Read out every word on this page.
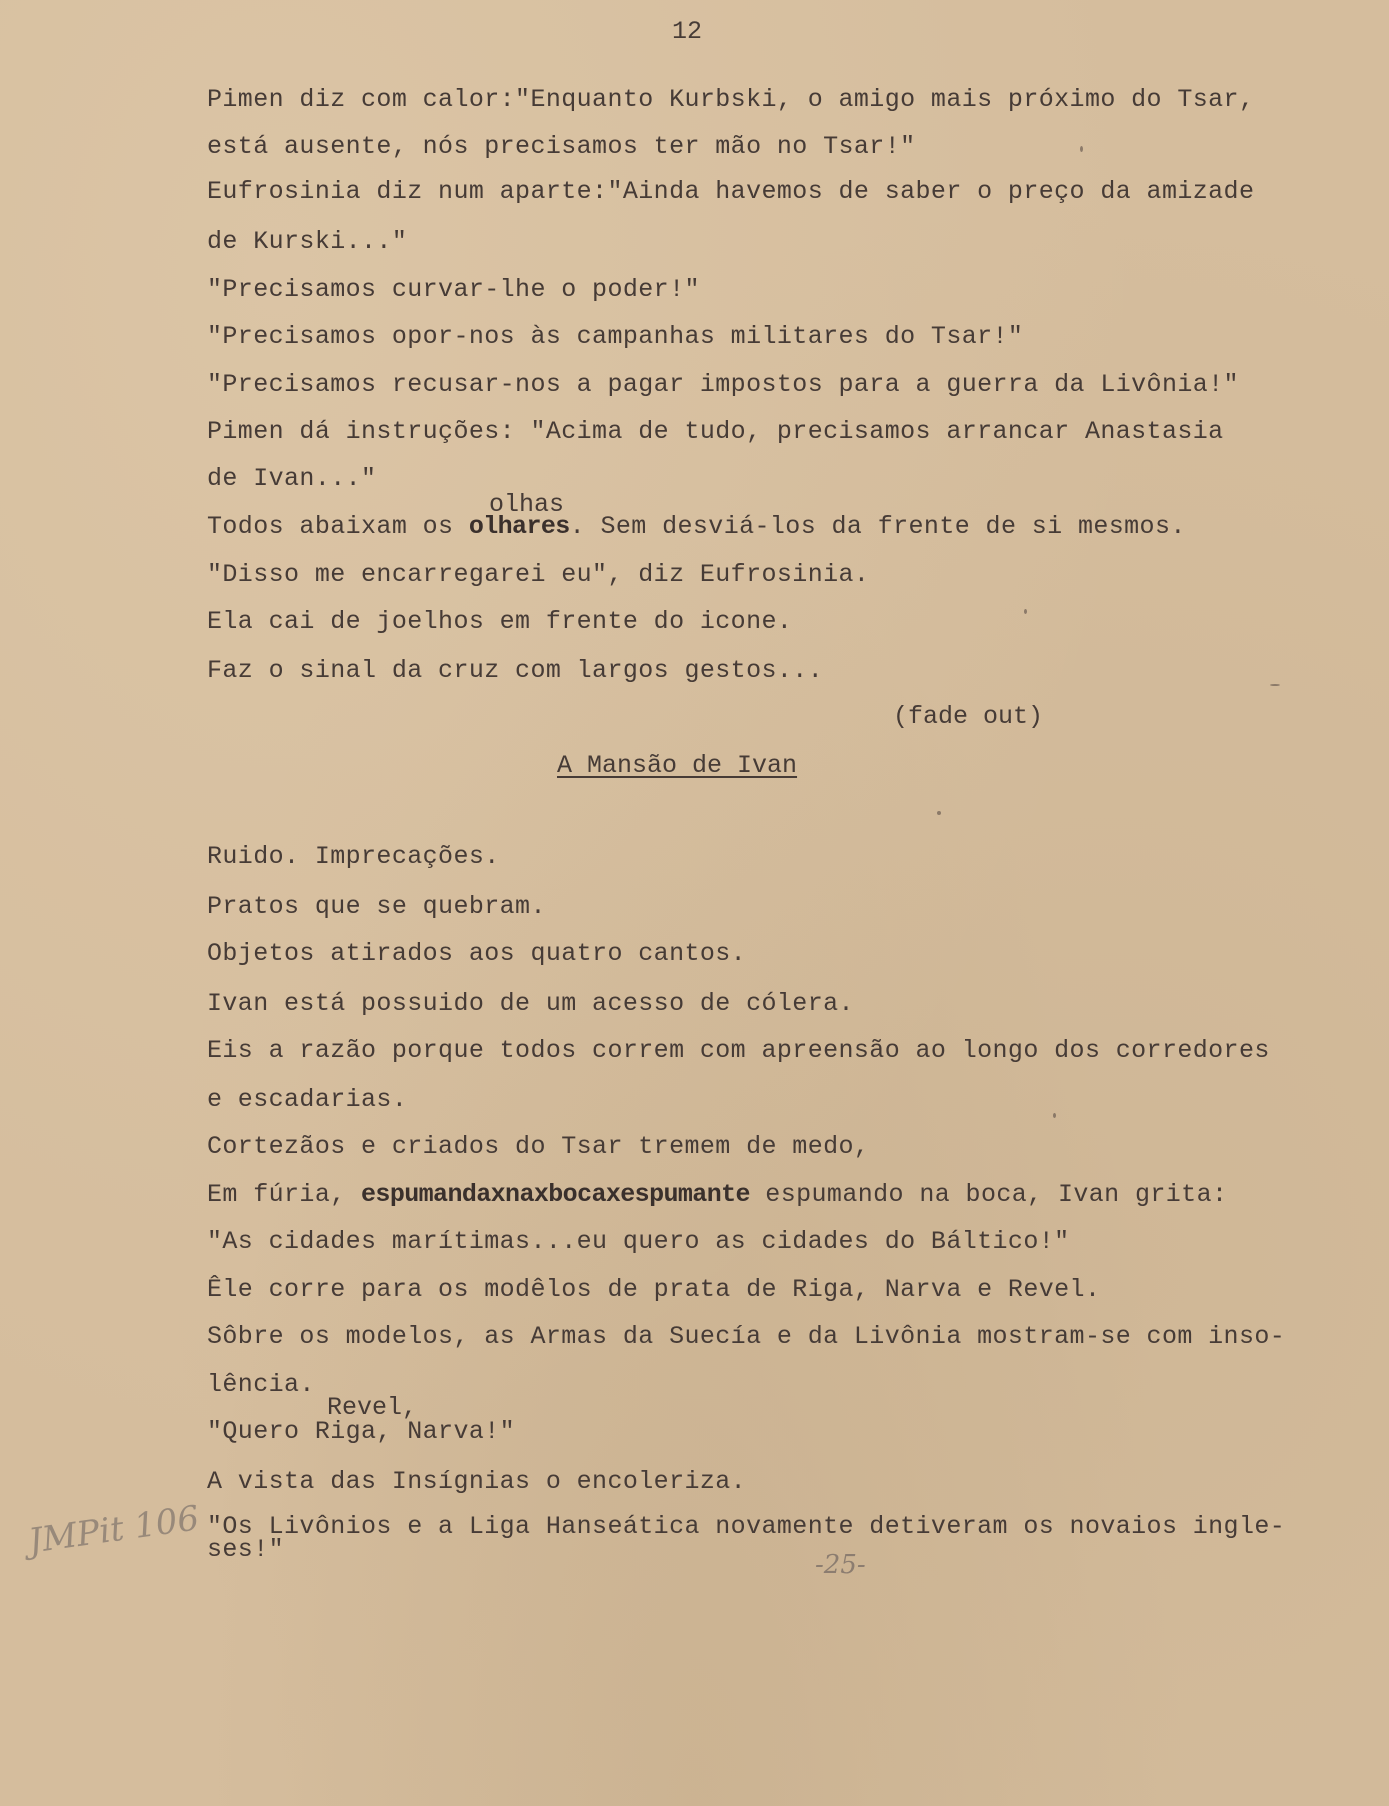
12
Pimen diz com calor:"Enquanto Kurbski, o amigo mais próximo do Tsar,
está ausente, nós precisamos ter mão no Tsar!"
Eufrosinia diz num aparte:"Ainda havemos de saber o preço da amizade
de Kurski..."
"Precisamos curvar-lhe o poder!"
"Precisamos opor-nos às campanhas militares do Tsar!"
"Precisamos recusar-nos a pagar impostos para a guerra da Livônia!"
Pimen dá instruções: "Acima de tudo, precisamos arrancar Anastasia
de Ivan..."
olhas
Todos abaixam os olhares. Sem desviá-los da frente de si mesmos.
"Disso me encarregarei eu", diz Eufrosinia.
Ela cai de joelhos em frente do icone.
Faz o sinal da cruz com largos gestos...
(fade out)
A Mansão de Ivan
Ruido. Imprecações.
Pratos que se quebram.
Objetos atirados aos quatro cantos.
Ivan está possuido de um acesso de cólera.
Eis a razão porque todos correm com apreensão ao longo dos corredores
e escadarias.
Cortezãos e criados do Tsar tremem de medo,
Em fúria, espumandaxnaxbocaxespumante espumando na boca, Ivan grita:
"As cidades marítimas...eu quero as cidades do Báltico!"
Êle corre para os modêlos de prata de Riga, Narva e Revel.
Sôbre os modelos, as Armas da Suecía e da Livônia mostram-se com inso-
lência.
Revel,
"Quero Riga, Narva!"
A vista das Insígnias o encoleriza.
"Os Livônios e a Liga Hanseática novamente detiveram os novaios ingle-
ses!"
JMPit 106
-25-
